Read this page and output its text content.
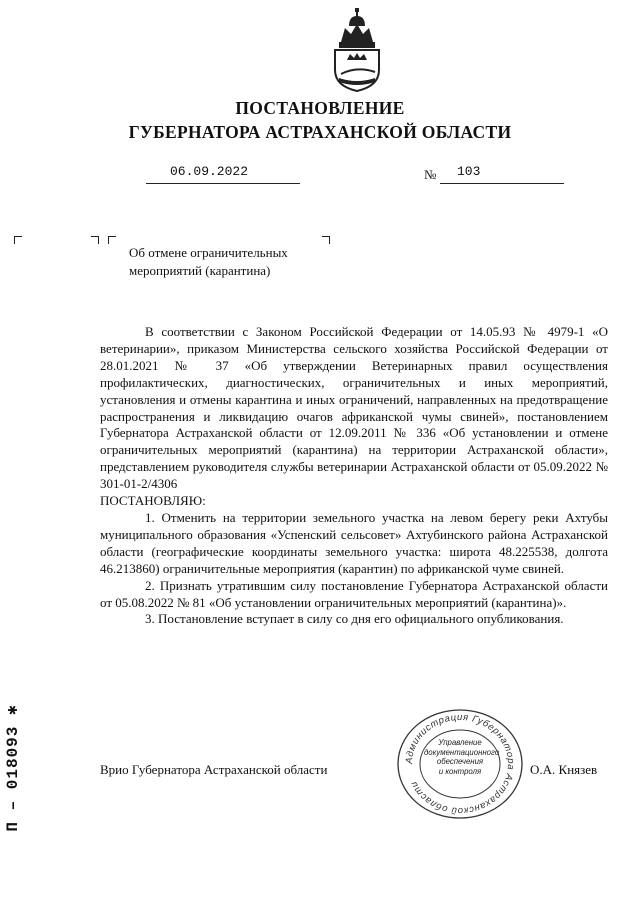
ПОСТАНОВЛЕНИЕ
ГУБЕРНАТОРА АСТРАХАНСКОЙ ОБЛАСТИ
06.09.2022	№ 103
Об отмене ограничительных
мероприятий (карантина)

В соответствии с Законом Российской Федерации от 14.05.93 № 4979-1 «О ветеринарии», приказом Министерства сельского хозяйства Российской Федерации от 28.01.2021 № 37 «Об утверждении Ветеринарных правил осуществления профилактических, диагностических, ограничительных и иных мероприятий, установления и отмены карантина и иных ограничений, направленных на предотвращение распространения и ликвидацию очагов африканской чумы свиней», постановлением Губернатора Астраханской области от 12.09.2011 № 336 «Об установлении и отмене ограничительных мероприятий (карантина) на территории Астраханской области», представлением руководителя службы ветеринарии Астраханской области от 05.09.2022 № 301-01-2/4306

ПОСТАНОВЛЯЮ:

1. Отменить на территории земельного участка на левом берегу реки Ахтубы муниципального образования «Успенский сельсовет» Ахтубинского района Астраханской области (географические координаты земельного участка: широта 48.225538, долгота 46.213860) ограничительные мероприятия (карантин) по африканской чуме свиней.

2. Признать утратившим силу постановление Губернатора Астраханской области от 05.08.2022 № 81 «Об установлении ограничительных мероприятий (карантина)».

3. Постановление вступает в силу со дня его официального опубликования.

Врио Губернатора Астраханской области	О.А. Князев
Администрация Губернатора Астраханской области
Управление
документационного
обеспечения
и контроля
П – 018093 ✱
